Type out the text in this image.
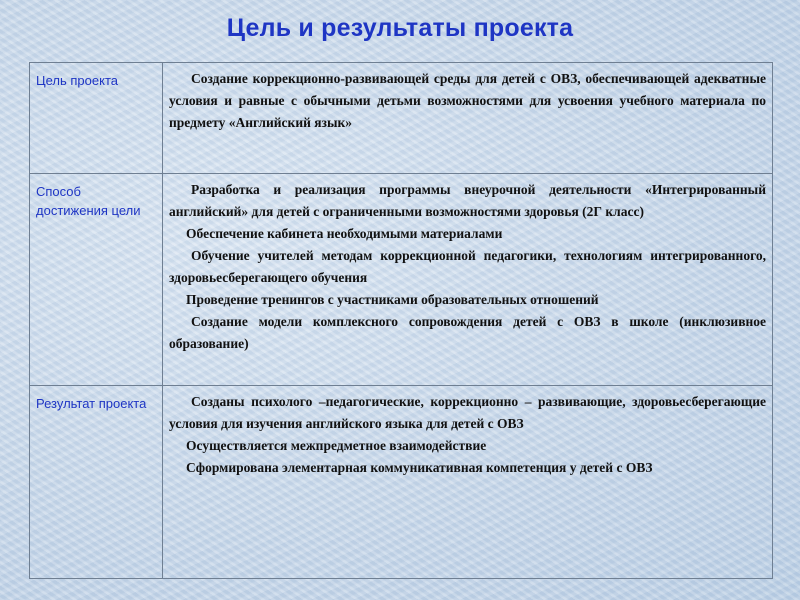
Цель и результаты проекта
Цель проекта	Создание коррекционно-развивающей среды для детей с ОВЗ, обеспечивающей адекватные условия и равные с обычными детьми возможностями для усвоения учебного материала по предмету «Английский язык»

Способ достижения цели	Разработка и реализация программы внеурочной деятельности «Интегрированный английский» для детей с ограниченными возможностями здоровья (2Г класс)

Обеспечение кабинета необходимыми материалами

Обучение учителей методам коррекционной педагогики, технологиям интегрированного, здоровьесберегающего обучения

Проведение тренингов с участниками образовательных отношений

Создание модели комплексного сопровождения детей с ОВЗ в школе (инклюзивное образование)

Результат проекта	Созданы психолого –педагогические, коррекционно – развивающие, здоровьесберегающие условия для изучения английского языка для детей с ОВЗ

Осуществляется межпредметное взаимодействие

Сформирована элементарная коммуникативная компетенция у детей с ОВЗ
